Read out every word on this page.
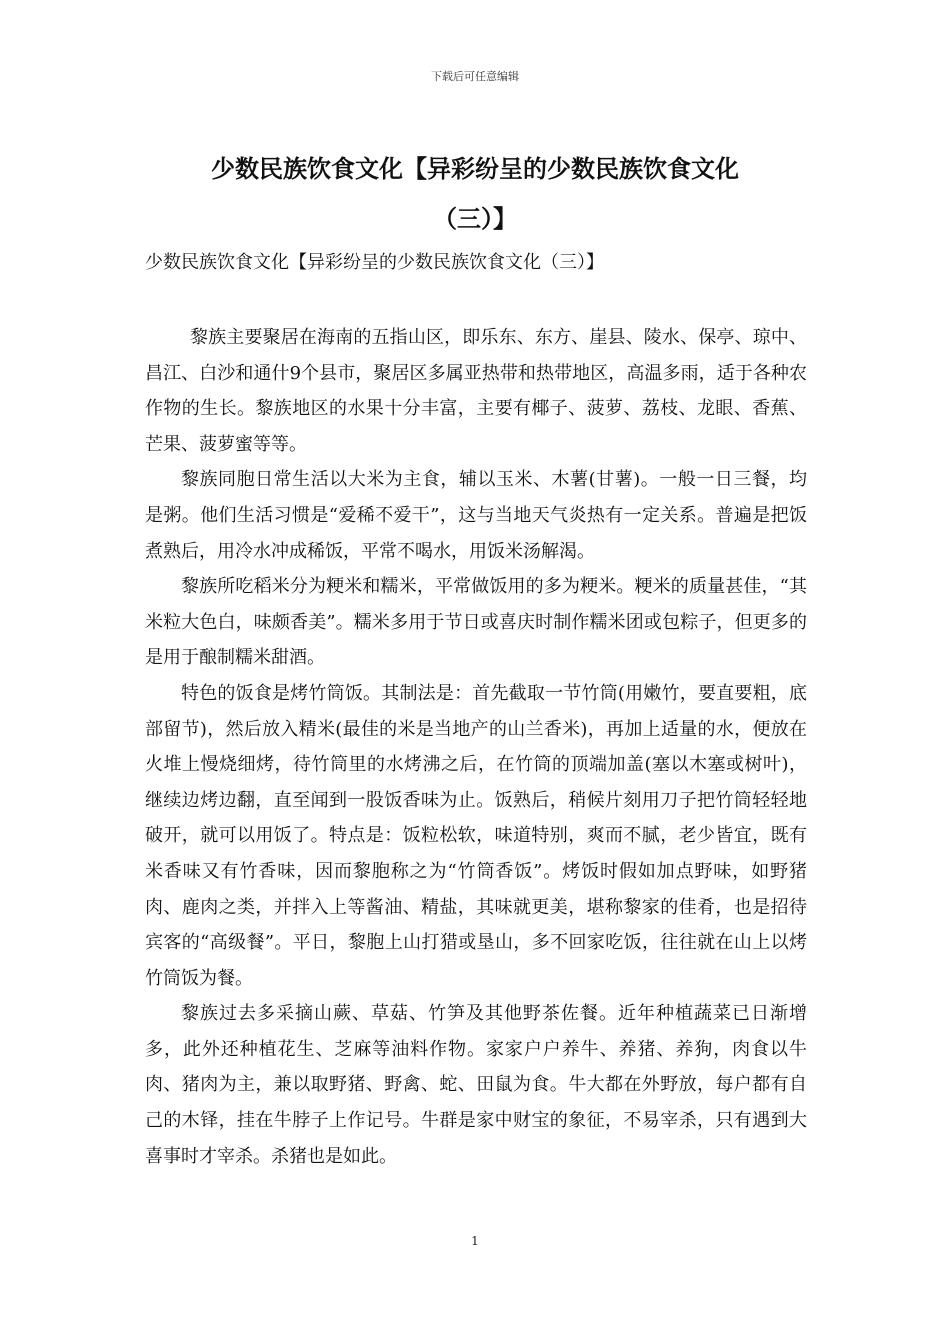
下载后可任意编辑
少数民族饮食文化【异彩纷呈的少数民族饮食文化
（三）】
少数民族饮食文化【异彩纷呈的少数民族饮食文化（三）】

黎族主要聚居在海南的五指山区，即乐东、东方、崖县、陵水、保亭、琼中、昌江、白沙和通什9个县市，聚居区多属亚热带和热带地区，高温多雨，适于各种农作物的生长。黎族地区的水果十分丰富，主要有椰子、菠萝、荔枝、龙眼、香蕉、芒果、菠萝蜜等等。

黎族同胞日常生活以大米为主食，辅以玉米、木薯(甘薯)。一般一日三餐，均是粥。他们生活习惯是“爱稀不爱干”，这与当地天气炎热有一定关系。普遍是把饭煮熟后，用冷水冲成稀饭，平常不喝水，用饭米汤解渴。

黎族所吃稻米分为粳米和糯米，平常做饭用的多为粳米。粳米的质量甚佳，“其米粒大色白，味颇香美”。糯米多用于节日或喜庆时制作糯米团或包粽子，但更多的是用于酿制糯米甜酒。

特色的饭食是烤竹筒饭。其制法是：首先截取一节竹筒(用嫩竹，要直要粗，底部留节)，然后放入精米(最佳的米是当地产的山兰香米)，再加上适量的水，便放在火堆上慢烧细烤，待竹筒里的水烤沸之后，在竹筒的顶端加盖(塞以木塞或树叶)，继续边烤边翻，直至闻到一股饭香味为止。饭熟后，稍候片刻用刀子把竹筒轻轻地破开，就可以用饭了。特点是：饭粒松软，味道特别，爽而不腻，老少皆宜，既有米香味又有竹香味，因而黎胞称之为“竹筒香饭”。烤饭时假如加点野味，如野猪肉、鹿肉之类，并拌入上等酱油、精盐，其味就更美，堪称黎家的佳肴，也是招待宾客的“高级餐”。平日，黎胞上山打猎或垦山，多不回家吃饭，往往就在山上以烤竹筒饭为餐。

黎族过去多采摘山蕨、草菇、竹笋及其他野茶佐餐。近年种植蔬菜已日渐增多，此外还种植花生、芝麻等油料作物。家家户户养牛、养猪、养狗，肉食以牛肉、猪肉为主，兼以取野猪、野禽、蛇、田鼠为食。牛大都在外野放，每户都有自己的木铎，挂在牛脖子上作记号。牛群是家中财宝的象征，不易宰杀，只有遇到大喜事时才宰杀。杀猪也是如此。

1
